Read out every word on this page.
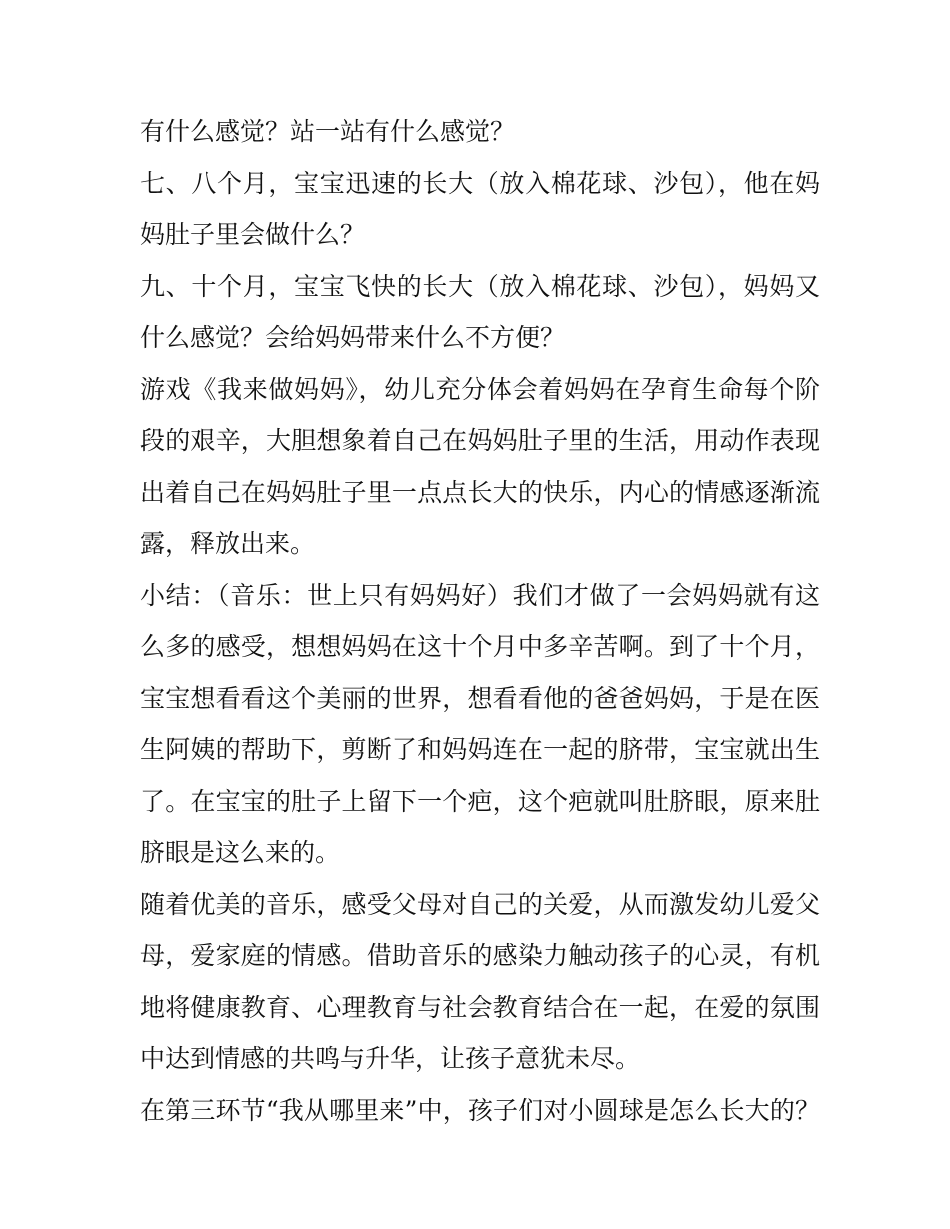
有什么感觉？站一站有什么感觉？
七、八个月，宝宝迅速的长大（放入棉花球、沙包），他在妈
妈肚子里会做什么？
九、十个月，宝宝飞快的长大（放入棉花球、沙包），妈妈又
什么感觉？会给妈妈带来什么不方便？
游戏《我来做妈妈》，幼儿充分体会着妈妈在孕育生命每个阶
段的艰辛，大胆想象着自己在妈妈肚子里的生活，用动作表现
出着自己在妈妈肚子里一点点长大的快乐，内心的情感逐渐流
露，释放出来。
小结：（音乐：世上只有妈妈好）我们才做了一会妈妈就有这
么多的感受，想想妈妈在这十个月中多辛苦啊。到了十个月，
宝宝想看看这个美丽的世界，想看看他的爸爸妈妈，于是在医
生阿姨的帮助下，剪断了和妈妈连在一起的脐带，宝宝就出生
了。在宝宝的肚子上留下一个疤，这个疤就叫肚脐眼，原来肚
脐眼是这么来的。
随着优美的音乐，感受父母对自己的关爱，从而激发幼儿爱父
母，爱家庭的情感。借助音乐的感染力触动孩子的心灵，有机
地将健康教育、心理教育与社会教育结合在一起，在爱的氛围
中达到情感的共鸣与升华，让孩子意犹未尽。
在第三环节“我从哪里来”中，孩子们对小圆球是怎么长大的？
